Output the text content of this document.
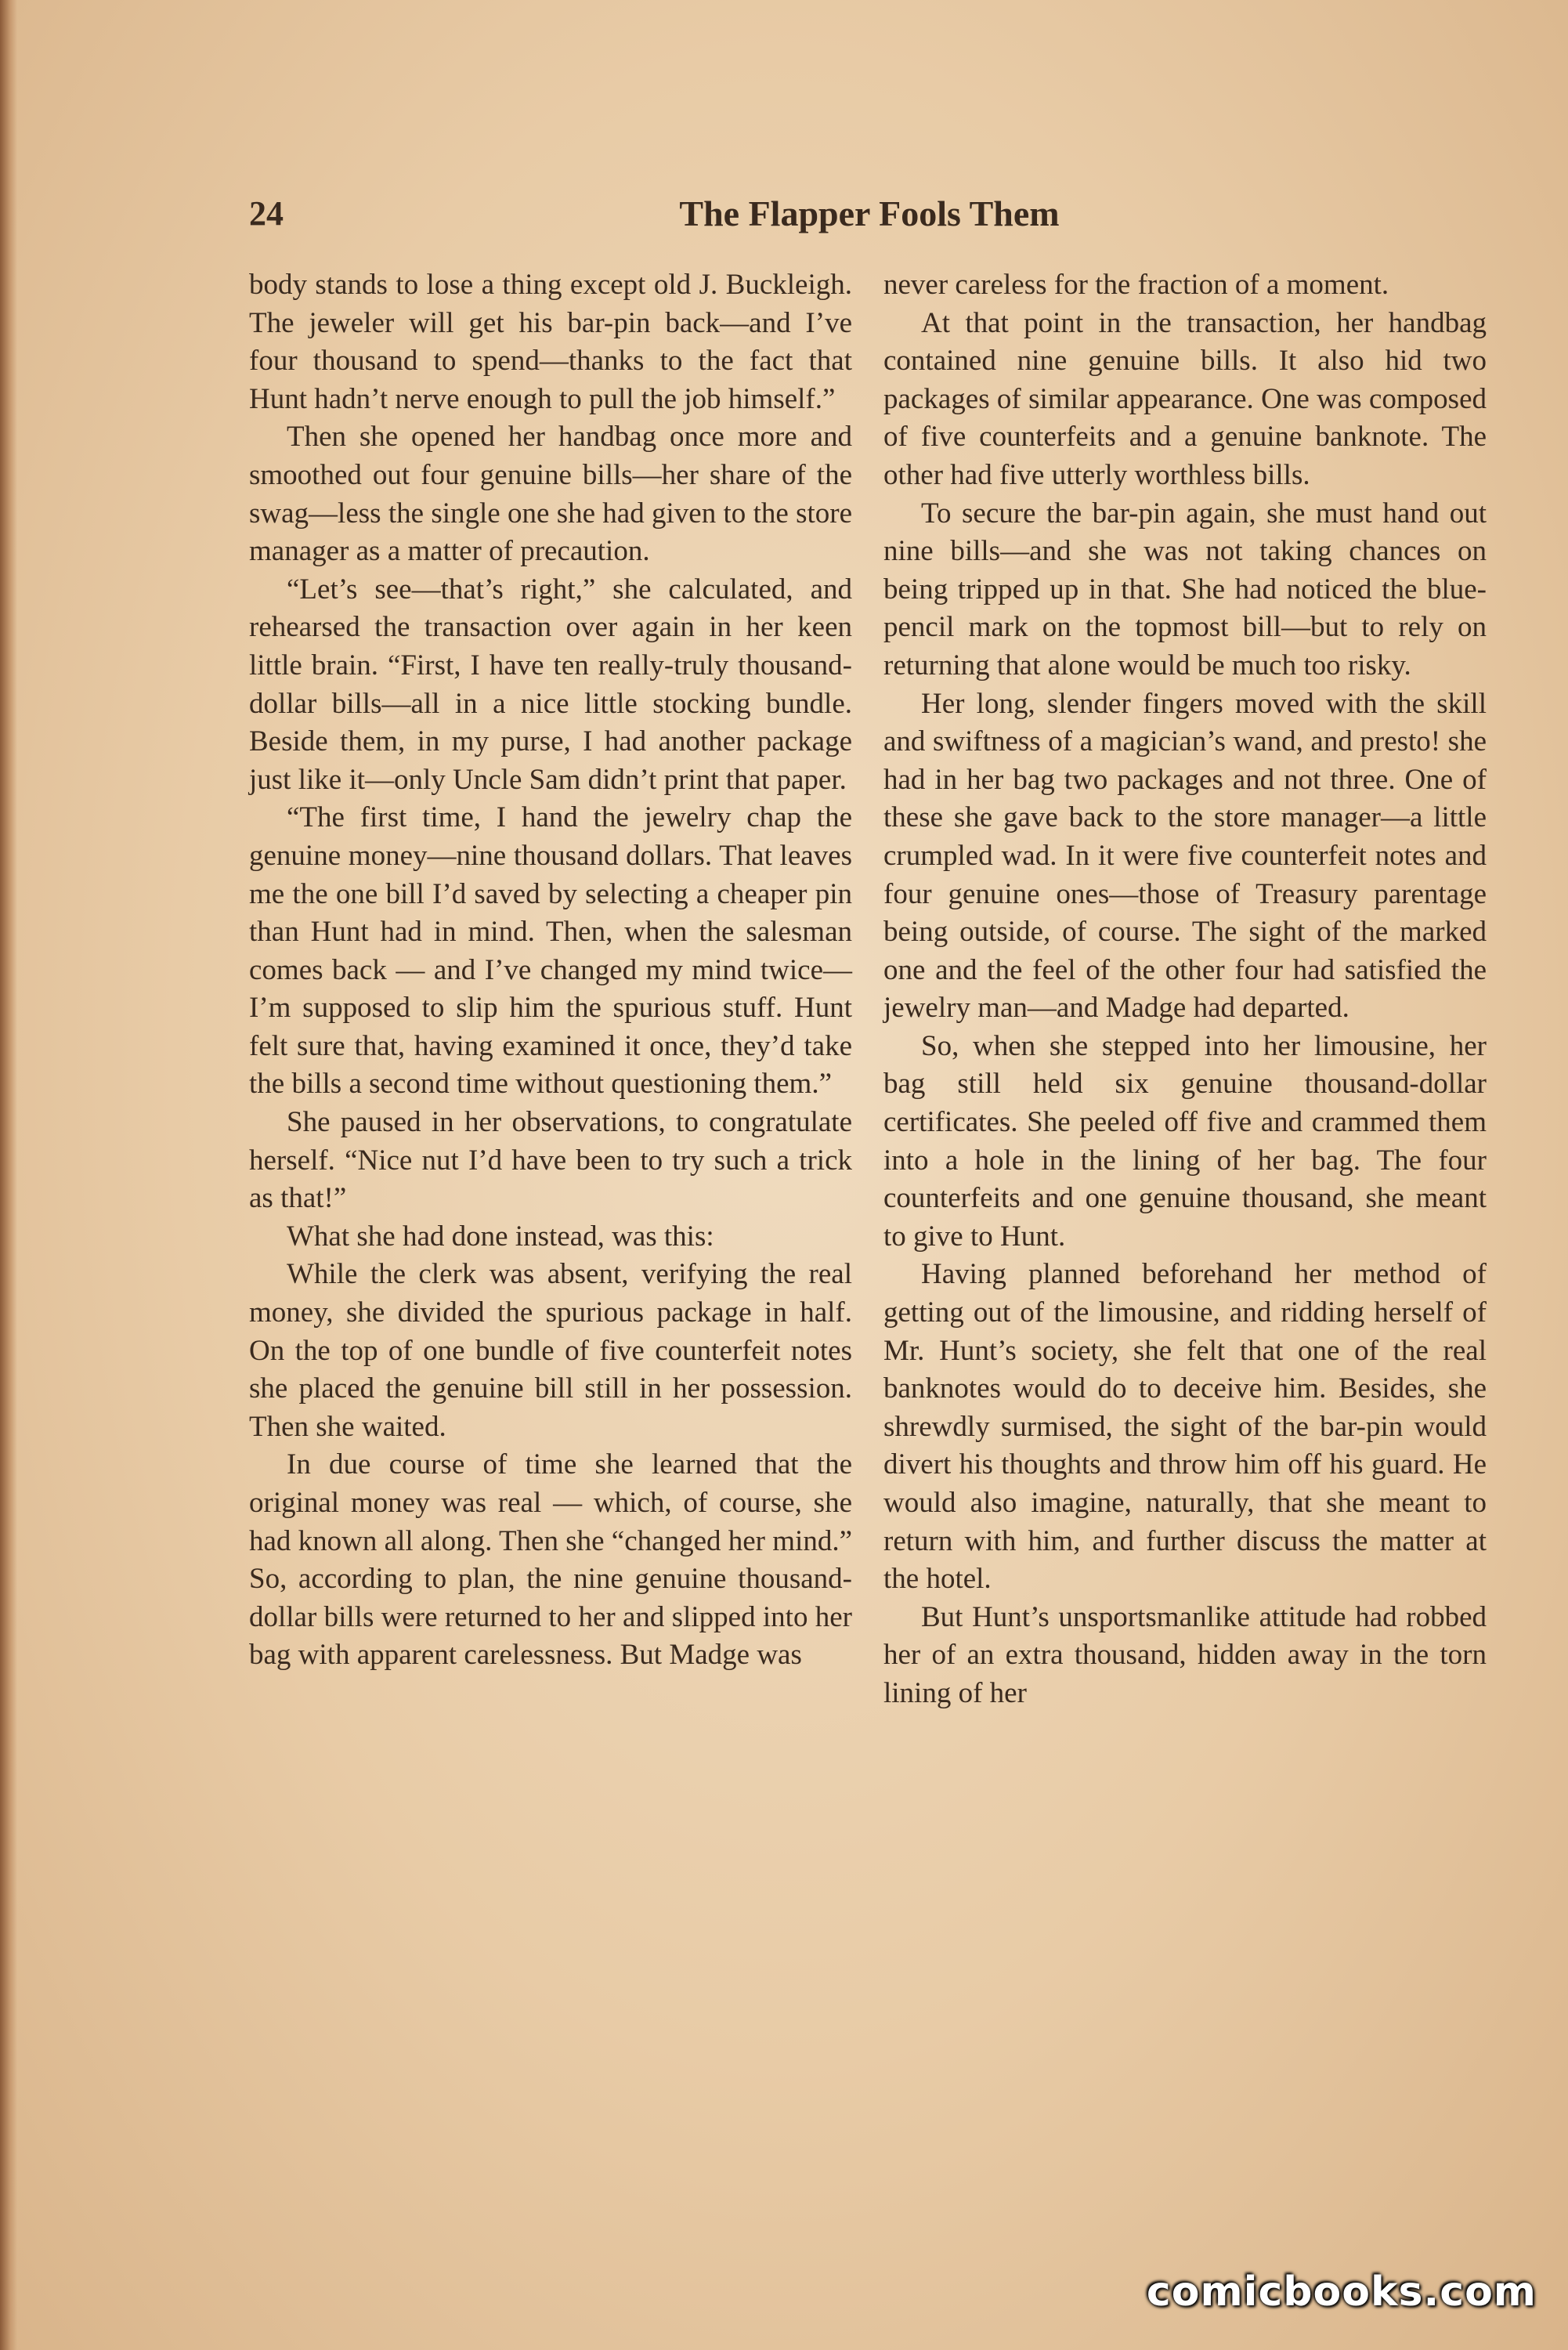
24	The Flapper Fools Them

body stands to lose a thing except old J. Buckleigh. The jeweler will get his bar-pin back—and I’ve four thousand to spend—thanks to the fact that Hunt hadn’t nerve enough to pull the job himself.”

Then she opened her handbag once more and smoothed out four genuine bills—her share of the swag—less the single one she had given to the store manager as a matter of precaution.

“Let’s see—that’s right,” she calculated, and rehearsed the transaction over again in her keen little brain. “First, I have ten really-truly thousand-dollar bills—all in a nice little stocking bundle. Beside them, in my purse, I had another package just like it—only Uncle Sam didn’t print that paper.

“The first time, I hand the jewelry chap the genuine money—nine thousand dollars. That leaves me the one bill I’d saved by selecting a cheaper pin than Hunt had in mind. Then, when the salesman comes back — and I’ve changed my mind twice—I’m supposed to slip him the spurious stuff. Hunt felt sure that, having examined it once, they’d take the bills a second time without questioning them.”

She paused in her observations, to congratulate herself. “Nice nut I’d have been to try such a trick as that!”

What she had done instead, was this:

While the clerk was absent, verifying the real money, she divided the spurious package in half. On the top of one bundle of five counterfeit notes she placed the genuine bill still in her possession. Then she waited.

In due course of time she learned that the original money was real — which, of course, she had known all along. Then she “changed her mind.” So, according to plan, the nine genuine thousand-dollar bills were returned to her and slipped into her bag with apparent carelessness. But Madge was

never careless for the fraction of a moment.

At that point in the transaction, her handbag contained nine genuine bills. It also hid two packages of similar appearance. One was composed of five counterfeits and a genuine banknote. The other had five utterly worthless bills.

To secure the bar-pin again, she must hand out nine bills—and she was not taking chances on being tripped up in that. She had noticed the blue-pencil mark on the topmost bill—but to rely on returning that alone would be much too risky.

Her long, slender fingers moved with the skill and swiftness of a magician’s wand, and presto! she had in her bag two packages and not three. One of these she gave back to the store manager—a little crumpled wad. In it were five counterfeit notes and four genuine ones—those of Treasury parentage being outside, of course. The sight of the marked one and the feel of the other four had satisfied the jewelry man—and Madge had departed.

So, when she stepped into her limousine, her bag still held six genuine thousand-dollar certificates. She peeled off five and crammed them into a hole in the lining of her bag. The four counterfeits and one genuine thousand, she meant to give to Hunt.

Having planned beforehand her method of getting out of the limousine, and ridding herself of Mr. Hunt’s society, she felt that one of the real banknotes would do to deceive him. Besides, she shrewdly surmised, the sight of the bar-pin would divert his thoughts and throw him off his guard. He would also imagine, naturally, that she meant to return with him, and further discuss the matter at the hotel.

But Hunt’s unsportsmanlike attitude had robbed her of an extra thousand, hidden away in the torn lining of her

comicbooks.com
